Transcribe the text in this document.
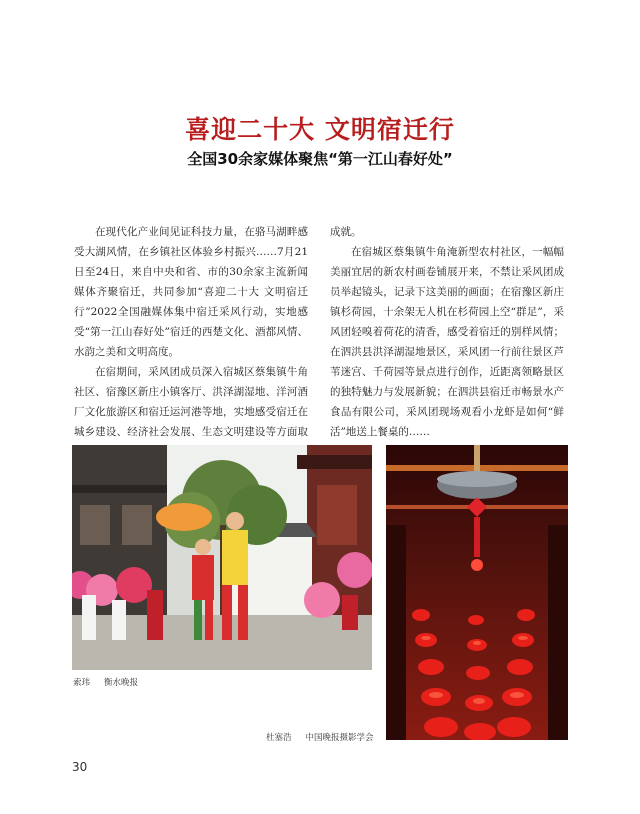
喜迎二十大 文明宿迁行
全国30余家媒体聚焦“第一江山春好处”

在现代化产业间见证科技力量，在骆马湖畔感受大湖风情，在乡镇社区体验乡村振兴……7月21日至24日，来自中央和省、市的30余家主流新闻媒体齐聚宿迁，共同参加“喜迎二十大 文明宿迁行”2022全国融媒体集中宿迁采风行动，实地感受“第一江山春好处”宿迁的西楚文化、酒都风情、水韵之美和文明高度。

在宿期间，采风团成员深入宿城区蔡集镇牛角社区、宿豫区新庄小镇客厅、洪泽湖湿地、洋河酒厂文化旅游区和宿迁运河港等地，实地感受宿迁在城乡建设、经济社会发展、生态文明建设等方面取

成就。

在宿城区蔡集镇牛角淹新型农村社区，一幅幅美丽宜居的新农村画卷铺展开来，不禁让采风团成员举起镜头，记录下这美丽的画面；在宿豫区新庄镇杉荷园，十余架无人机在杉荷园上空“群足”，采风团轻嗅着荷花的清香，感受着宿迁的别样风情；在泗洪县洪泽湖湿地景区，采风团一行前往景区芦苇迷宫、千荷园等景点进行创作，近距离领略景区的独特魅力与发展新貌；在泗洪县宿迁市畅景水产食品有限公司，采风团现场观看小龙虾是如何“鲜活”地送上餐桌的……

索玮 衡水晚报
杜塞浩 中国晚报摄影学会
30
